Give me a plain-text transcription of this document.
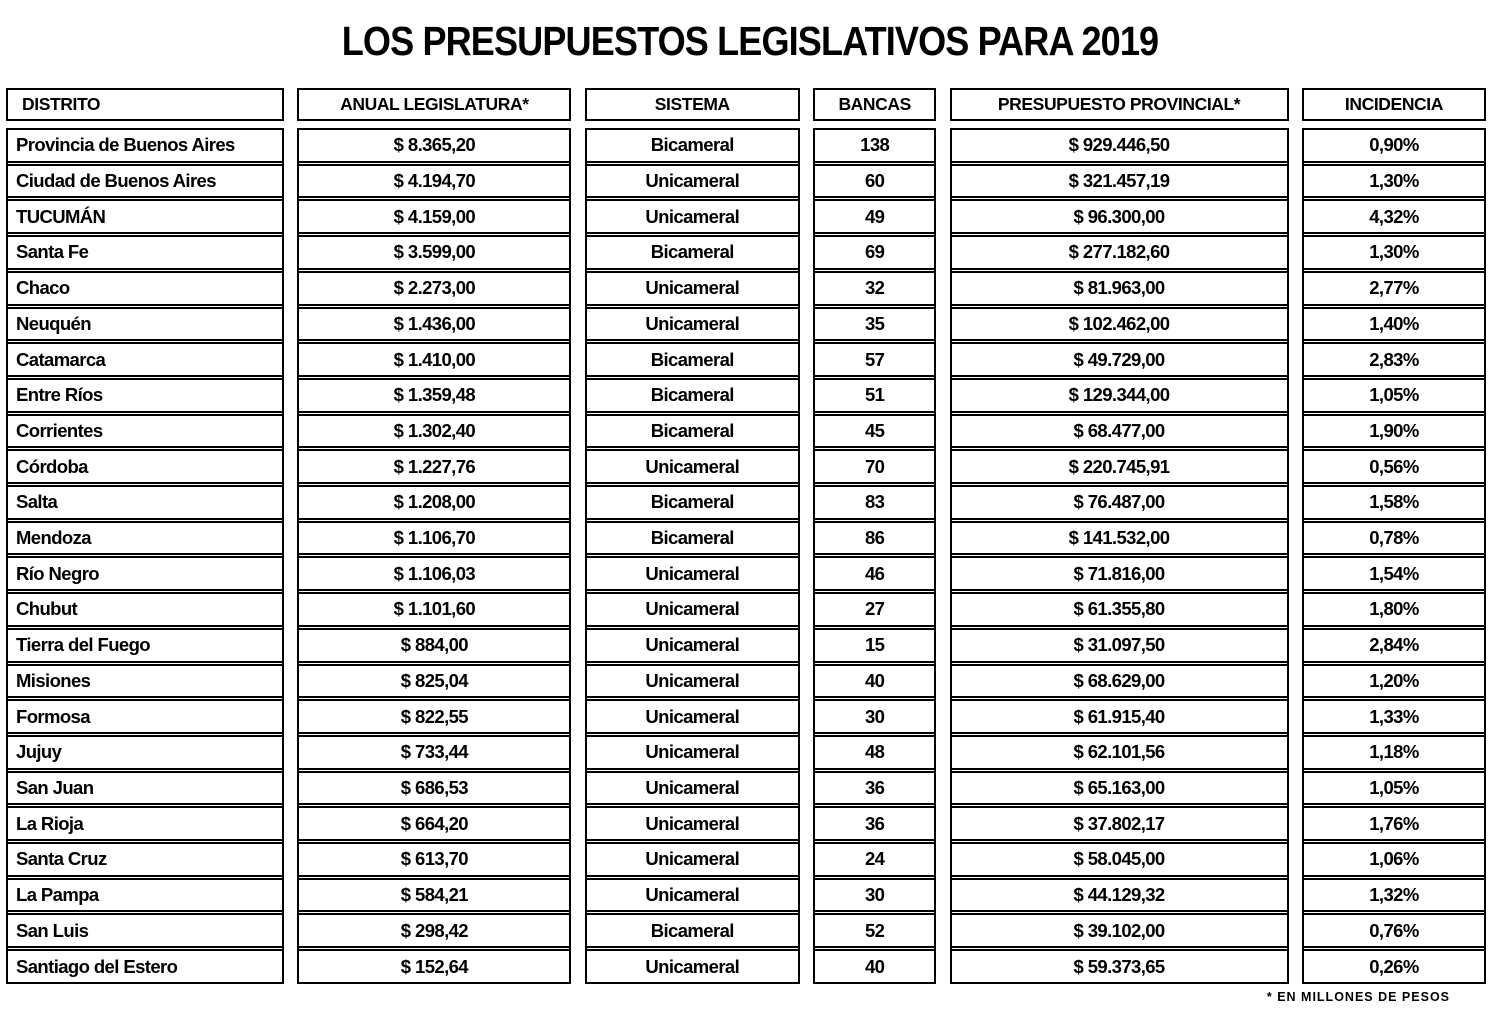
LOS PRESUPUESTOS LEGISLATIVOS PARA 2019
DISTRITO
Provincia de Buenos Aires
Ciudad de Buenos Aires
TUCUMÁN
Santa Fe
Chaco
Neuquén
Catamarca
Entre Ríos
Corrientes
Córdoba
Salta
Mendoza
Río Negro
Chubut
Tierra del Fuego
Misiones
Formosa
Jujuy
San Juan
La Rioja
Santa Cruz
La Pampa
San Luis
Santiago del Estero
ANUAL LEGISLATURA*
$ 8.365,20
$ 4.194,70
$ 4.159,00
$ 3.599,00
$ 2.273,00
$ 1.436,00
$ 1.410,00
$ 1.359,48
$ 1.302,40
$ 1.227,76
$ 1.208,00
$ 1.106,70
$ 1.106,03
$ 1.101,60
$ 884,00
$ 825,04
$ 822,55
$ 733,44
$ 686,53
$ 664,20
$ 613,70
$ 584,21
$ 298,42
$ 152,64
SISTEMA
Bicameral
Unicameral
Unicameral
Bicameral
Unicameral
Unicameral
Bicameral
Bicameral
Bicameral
Unicameral
Bicameral
Bicameral
Unicameral
Unicameral
Unicameral
Unicameral
Unicameral
Unicameral
Unicameral
Unicameral
Unicameral
Unicameral
Bicameral
Unicameral
BANCAS
138
60
49
69
32
35
57
51
45
70
83
86
46
27
15
40
30
48
36
36
24
30
52
40
PRESUPUESTO PROVINCIAL*
$ 929.446,50
$ 321.457,19
$ 96.300,00
$ 277.182,60
$ 81.963,00
$ 102.462,00
$ 49.729,00
$ 129.344,00
$ 68.477,00
$ 220.745,91
$ 76.487,00
$ 141.532,00
$ 71.816,00
$ 61.355,80
$ 31.097,50
$ 68.629,00
$ 61.915,40
$ 62.101,56
$ 65.163,00
$ 37.802,17
$ 58.045,00
$ 44.129,32
$ 39.102,00
$ 59.373,65
INCIDENCIA
0,90%
1,30%
4,32%
1,30%
2,77%
1,40%
2,83%
1,05%
1,90%
0,56%
1,58%
0,78%
1,54%
1,80%
2,84%
1,20%
1,33%
1,18%
1,05%
1,76%
1,06%
1,32%
0,76%
0,26%
* EN MILLONES DE PESOS
